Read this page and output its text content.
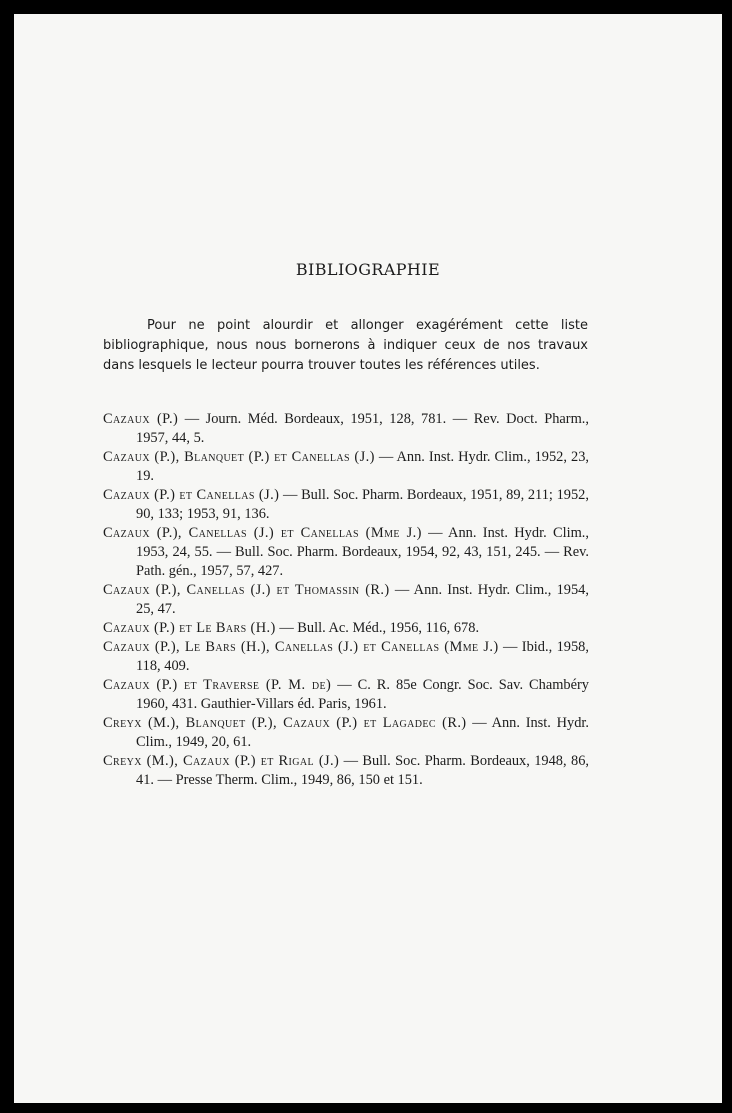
BIBLIOGRAPHIE

Pour ne point alourdir et allonger exagérément cette liste bibliographique, nous nous bornerons à indiquer ceux de nos travaux dans lesquels le lecteur pourra trouver toutes les références utiles.

Cazaux (P.) — Journ. Méd. Bordeaux, 1951, 128, 781. — Rev. Doct. Pharm., 1957, 44, 5.
Cazaux (P.), Blanquet (P.) et Canellas (J.) — Ann. Inst. Hydr. Clim., 1952, 23, 19.
Cazaux (P.) et Canellas (J.) — Bull. Soc. Pharm. Bordeaux, 1951, 89, 211; 1952, 90, 133; 1953, 91, 136.
Cazaux (P.), Canellas (J.) et Canellas (Mme J.) — Ann. Inst. Hydr. Clim., 1953, 24, 55. — Bull. Soc. Pharm. Bordeaux, 1954, 92, 43, 151, 245. — Rev. Path. gén., 1957, 57, 427.
Cazaux (P.), Canellas (J.) et Thomassin (R.) — Ann. Inst. Hydr. Clim., 1954, 25, 47.
Cazaux (P.) et Le Bars (H.) — Bull. Ac. Méd., 1956, 116, 678.
Cazaux (P.), Le Bars (H.), Canellas (J.) et Canellas (Mme J.) — Ibid., 1958, 118, 409.
Cazaux (P.) et Traverse (P. M. de) — C. R. 85e Congr. Soc. Sav. Chambéry 1960, 431. Gauthier-Villars éd. Paris, 1961.
Creyx (M.), Blanquet (P.), Cazaux (P.) et Lagadec (R.) — Ann. Inst. Hydr. Clim., 1949, 20, 61.
Creyx (M.), Cazaux (P.) et Rigal (J.) — Bull. Soc. Pharm. Bordeaux, 1948, 86, 41. — Presse Therm. Clim., 1949, 86, 150 et 151.
